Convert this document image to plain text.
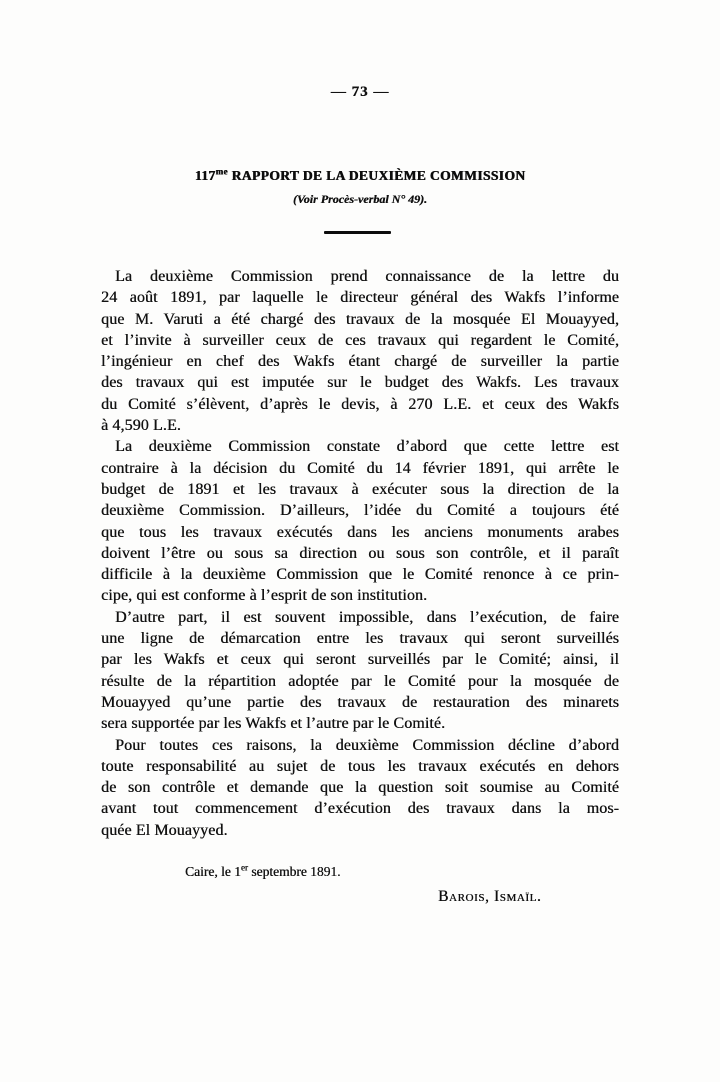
— 73 —
$117^{me}$ RAPPORT DE LA DEUXIÈME COMMISSION
(Voir Procès-verbal N° 49).
La deuxième Commission prend connaissance de la lettre du
24 août 1891, par laquelle le directeur général des Wakfs l’informe
que M. Varuti a été chargé des travaux de la mosquée El Mouayyed,
et l’invite à surveiller ceux de ces travaux qui regardent le Comité,
l’ingénieur en chef des Wakfs étant chargé de surveiller la partie
des travaux qui est imputée sur le budget des Wakfs. Les travaux
du Comité s’élèvent, d’après le devis, à 270 L.E. et ceux des Wakfs
à 4,590 L.E.
La deuxième Commission constate d’abord que cette lettre est
contraire à la décision du Comité du 14 février 1891, qui arrête le
budget de 1891 et les travaux à exécuter sous la direction de la
deuxième Commission. D’ailleurs, l’idée du Comité a toujours été
que tous les travaux exécutés dans les anciens monuments arabes
doivent l’être ou sous sa direction ou sous son contrôle, et il paraît
difficile à la deuxième Commission que le Comité renonce à ce prin-
cipe, qui est conforme à l’esprit de son institution.
D’autre part, il est souvent impossible, dans l’exécution, de faire
une ligne de démarcation entre les travaux qui seront surveillés
par les Wakfs et ceux qui seront surveillés par le Comité; ainsi, il
résulte de la répartition adoptée par le Comité pour la mosquée de
Mouayyed qu’une partie des travaux de restauration des minarets
sera supportée par les Wakfs et l’autre par le Comité.
Pour toutes ces raisons, la deuxième Commission décline d’abord
toute responsabilité au sujet de tous les travaux exécutés en dehors
de son contrôle et demande que la question soit soumise au Comité
avant tout commencement d’exécution des travaux dans la mos-
quée El Mouayyed.
Caire, le 1er septembre 1891.
Barois, Ismaïl.
